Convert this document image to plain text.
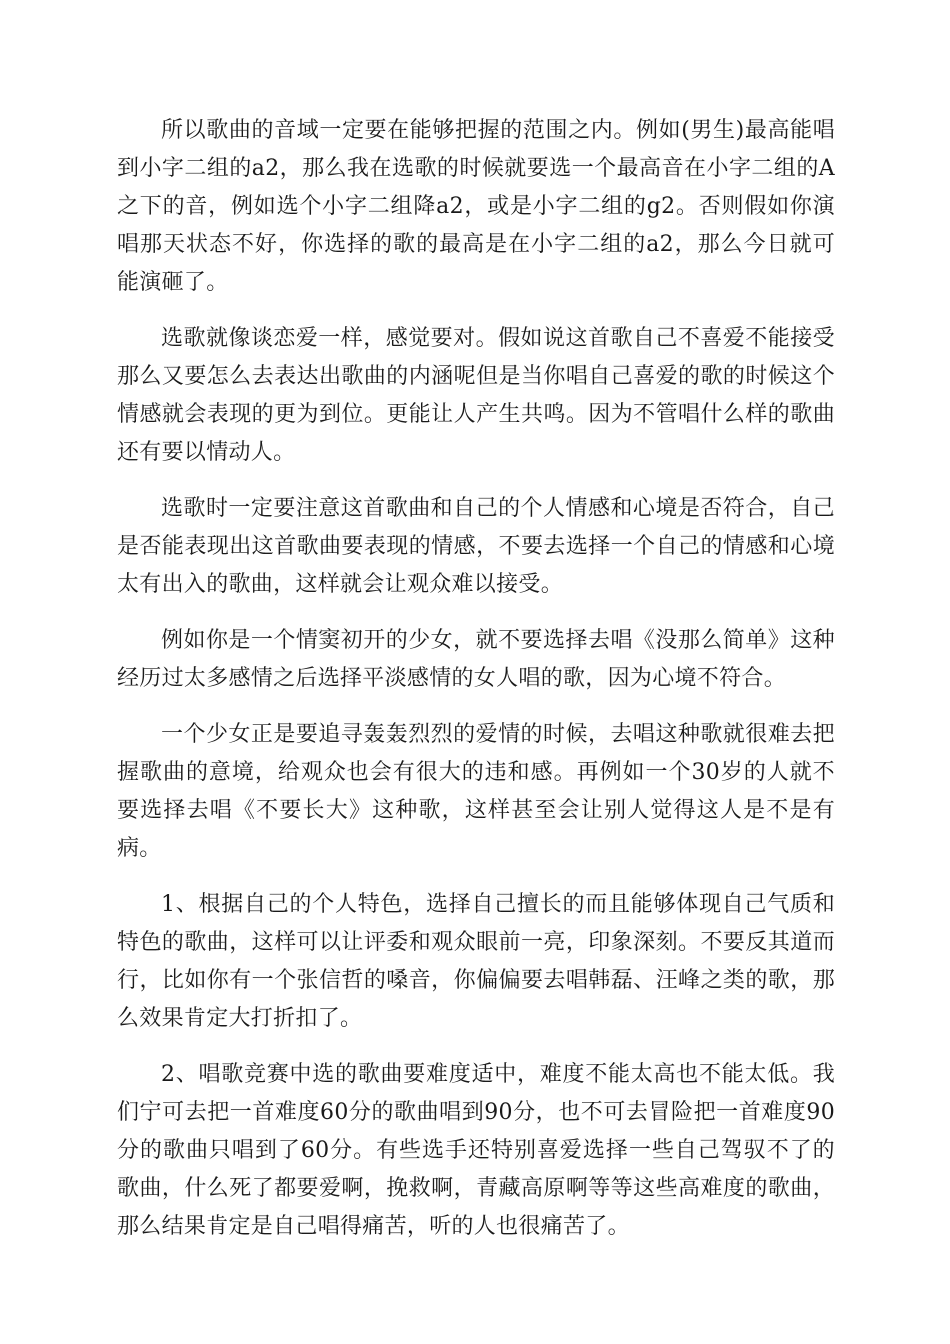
所以歌曲的音域一定要在能够把握的范围之内。例如(男生)最高能唱到小字二组的a2，那么我在选歌的时候就要选一个最高音在小字二组的A之下的音，例如选个小字二组降a2，或是小字二组的g2。否则假如你演唱那天状态不好，你选择的歌的最高是在小字二组的a2，那么今日就可能演砸了。

选歌就像谈恋爱一样，感觉要对。假如说这首歌自己不喜爱不能接受那么又要怎么去表达出歌曲的内涵呢但是当你唱自己喜爱的歌的时候这个情感就会表现的更为到位。更能让人产生共鸣。因为不管唱什么样的歌曲还有要以情动人。

选歌时一定要注意这首歌曲和自己的个人情感和心境是否符合，自己是否能表现出这首歌曲要表现的情感，不要去选择一个自己的情感和心境太有出入的歌曲，这样就会让观众难以接受。

例如你是一个情窦初开的少女，就不要选择去唱《没那么简单》这种经历过太多感情之后选择平淡感情的女人唱的歌，因为心境不符合。

一个少女正是要追寻轰轰烈烈的爱情的时候，去唱这种歌就很难去把握歌曲的意境，给观众也会有很大的违和感。再例如一个30岁的人就不要选择去唱《不要长大》这种歌，这样甚至会让别人觉得这人是不是有病。

1、根据自己的个人特色，选择自己擅长的而且能够体现自己气质和特色的歌曲，这样可以让评委和观众眼前一亮，印象深刻。不要反其道而行，比如你有一个张信哲的嗓音，你偏偏要去唱韩磊、汪峰之类的歌，那么效果肯定大打折扣了。

2、唱歌竞赛中选的歌曲要难度适中，难度不能太高也不能太低。我们宁可去把一首难度60分的歌曲唱到90分，也不可去冒险把一首难度90分的歌曲只唱到了60分。有些选手还特别喜爱选择一些自己驾驭不了的歌曲，什么死了都要爱啊，挽救啊，青藏高原啊等等这些高难度的歌曲，那么结果肯定是自己唱得痛苦，听的人也很痛苦了。
